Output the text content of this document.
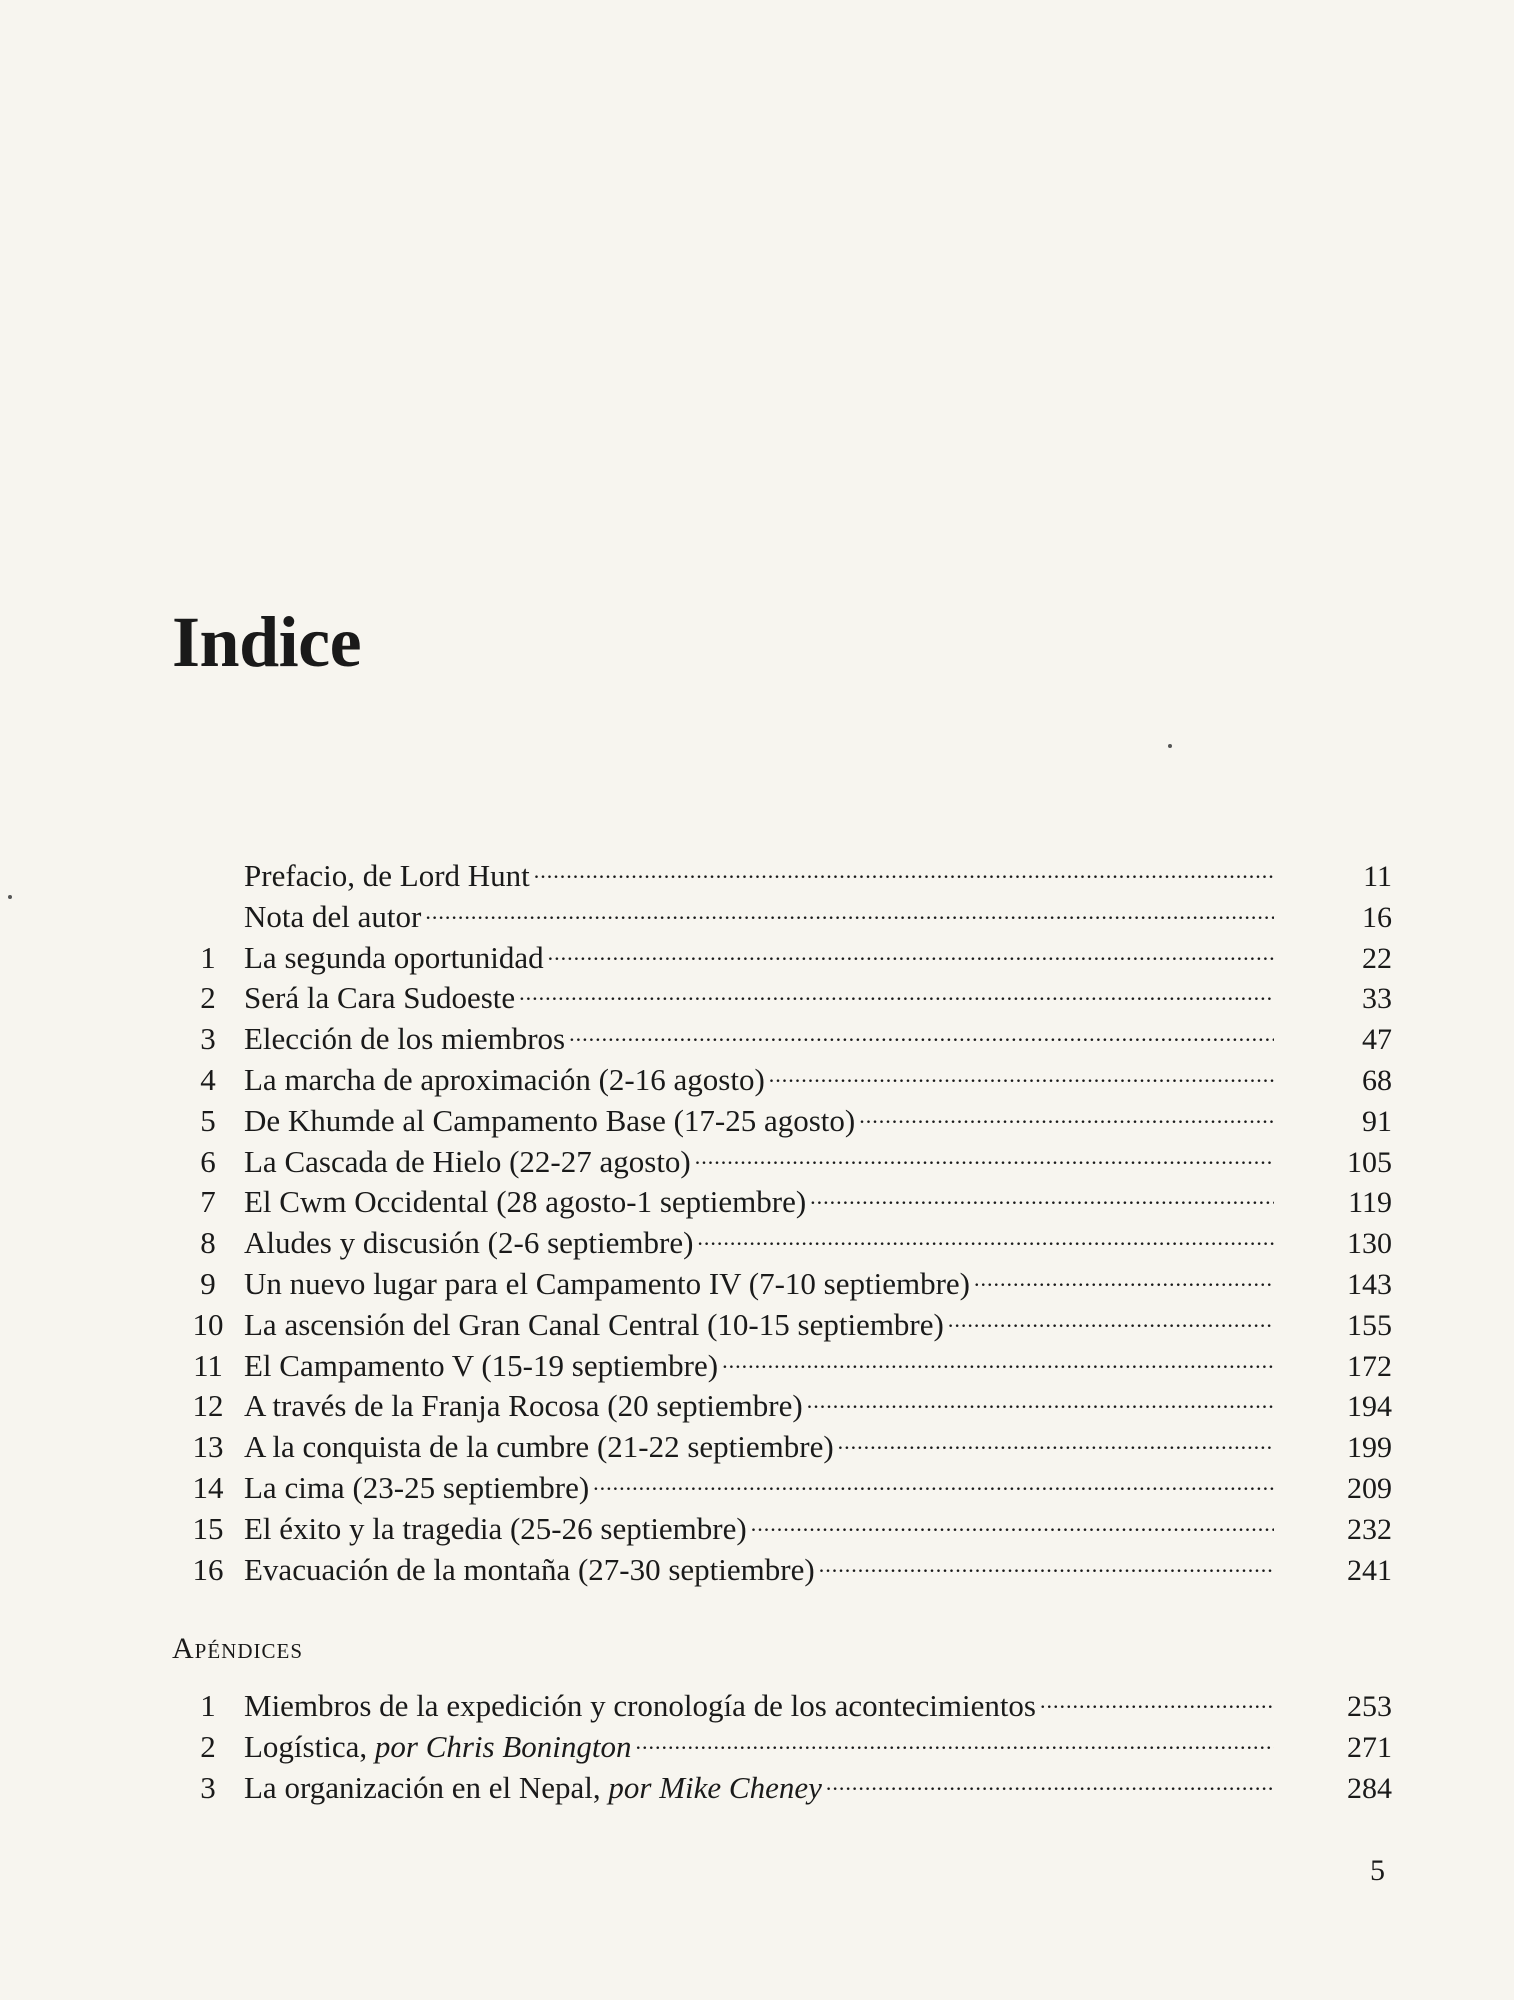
Indice
Prefacio, de Lord Hunt .....	11
Nota del autor .....	16
1 La segunda oportunidad .....	22
2 Será la Cara Sudoeste .....	33
3 Elección de los miembros .....	47
4 La marcha de aproximación (2-16 agosto) .....	68
5 De Khumde al Campamento Base (17-25 agosto) .....	91
6 La Cascada de Hielo (22-27 agosto) .....	105
7 El Cwm Occidental (28 agosto-1 septiembre) .....	119
8 Aludes y discusión (2-6 septiembre) .....	130
9 Un nuevo lugar para el Campamento IV (7-10 septiembre) .....	143
10 La ascensión del Gran Canal Central (10-15 septiembre) .....	155
11 El Campamento V (15-19 septiembre) .....	172
12 A través de la Franja Rocosa (20 septiembre) .....	194
13 A la conquista de la cumbre (21-22 septiembre) .....	199
14 La cima (23-25 septiembre) .....	209
15 El éxito y la tragedia (25-26 septiembre) .....	232
16 Evacuación de la montaña (27-30 septiembre) .....	241
Apéndices
1 Miembros de la expedición y cronología de los acontecimientos .....	253
2 Logística, por Chris Bonington .....	271
3 La organización en el Nepal, por Mike Cheney .....	284
5
